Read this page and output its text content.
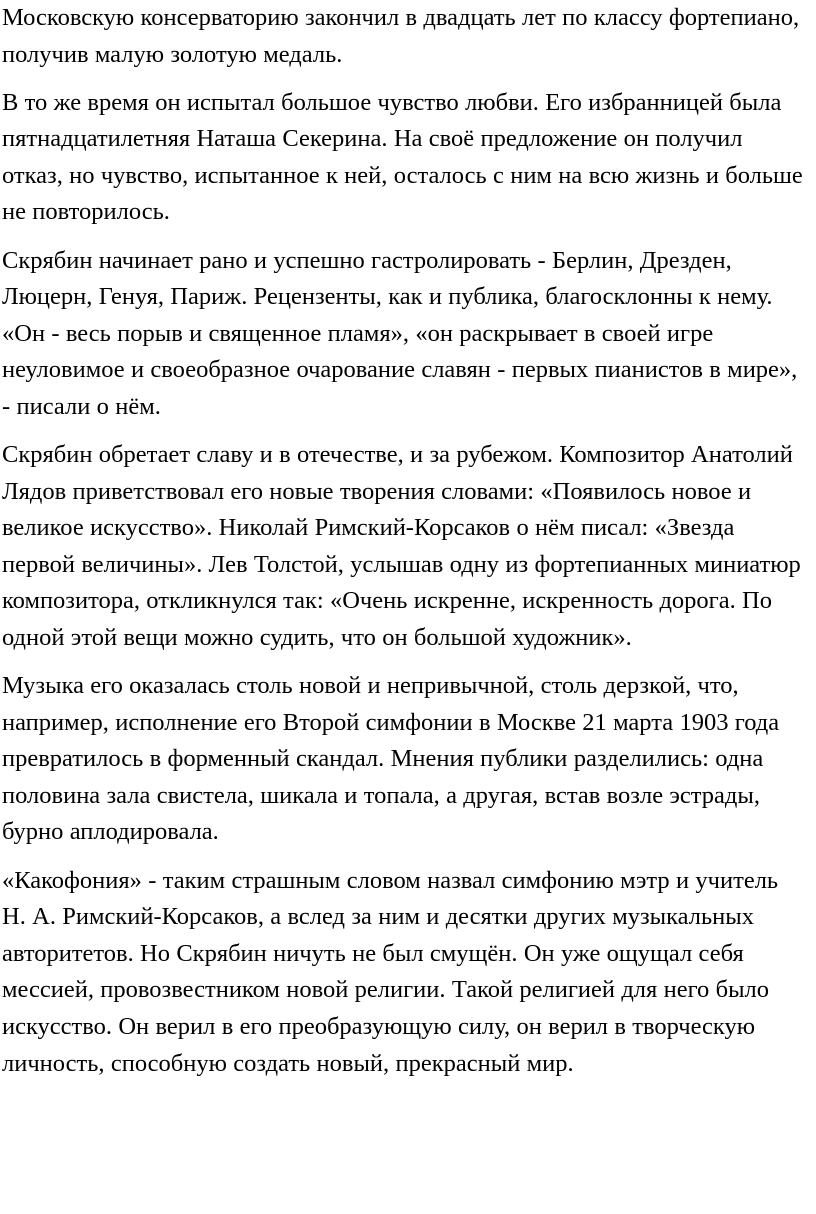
Московскую консерваторию закончил в двадцать лет по классу фортепиано, получив малую золотую медаль.

В то же время он испытал большое чувство любви. Его избранницей была пятнадцатилетняя Наташа Секерина. На своё предложение он получил отказ, но чувство, испытанное к ней, осталось с ним на всю жизнь и больше не повторилось.

Скрябин начинает рано и успешно гастролировать - Берлин, Дрезден, Люцерн, Генуя, Париж. Рецензенты, как и публика, благосклонны к нему. «Он - весь порыв и священное пламя», «он раскрывает в своей игре неуловимое и своеобразное очарование славян - первых пианистов в мире», - писали о нём.

Скрябин обретает славу и в отечестве, и за рубежом. Композитор Анатолий Лядов приветствовал его новые творения словами: «Появилось новое и великое искусство». Николай Римский-Корсаков о нём писал: «Звезда первой величины». Лев Толстой, услышав одну из фортепианных миниатюр композитора, откликнулся так: «Очень искренне, искренность дорога. По одной этой вещи можно судить, что он большой художник».

Музыка его оказалась столь новой и непривычной, столь дерзкой, что, например, исполнение его Второй симфонии в Москве 21 марта 1903 года превратилось в форменный скандал. Мнения публики разделились: одна половина зала свистела, шикала и топала, а другая, встав возле эстрады, бурно аплодировала.

«Какофония» - таким страшным словом назвал симфонию мэтр и учитель Н. А. Римский-Корсаков, а вслед за ним и десятки других музыкальных авторитетов. Но Скрябин ничуть не был смущён. Он уже ощущал себя мессией, провозвестником новой религии. Такой религией для него было искусство. Он верил в его преобразующую силу, он верил в творческую личность, способную создать новый, прекрасный мир.
